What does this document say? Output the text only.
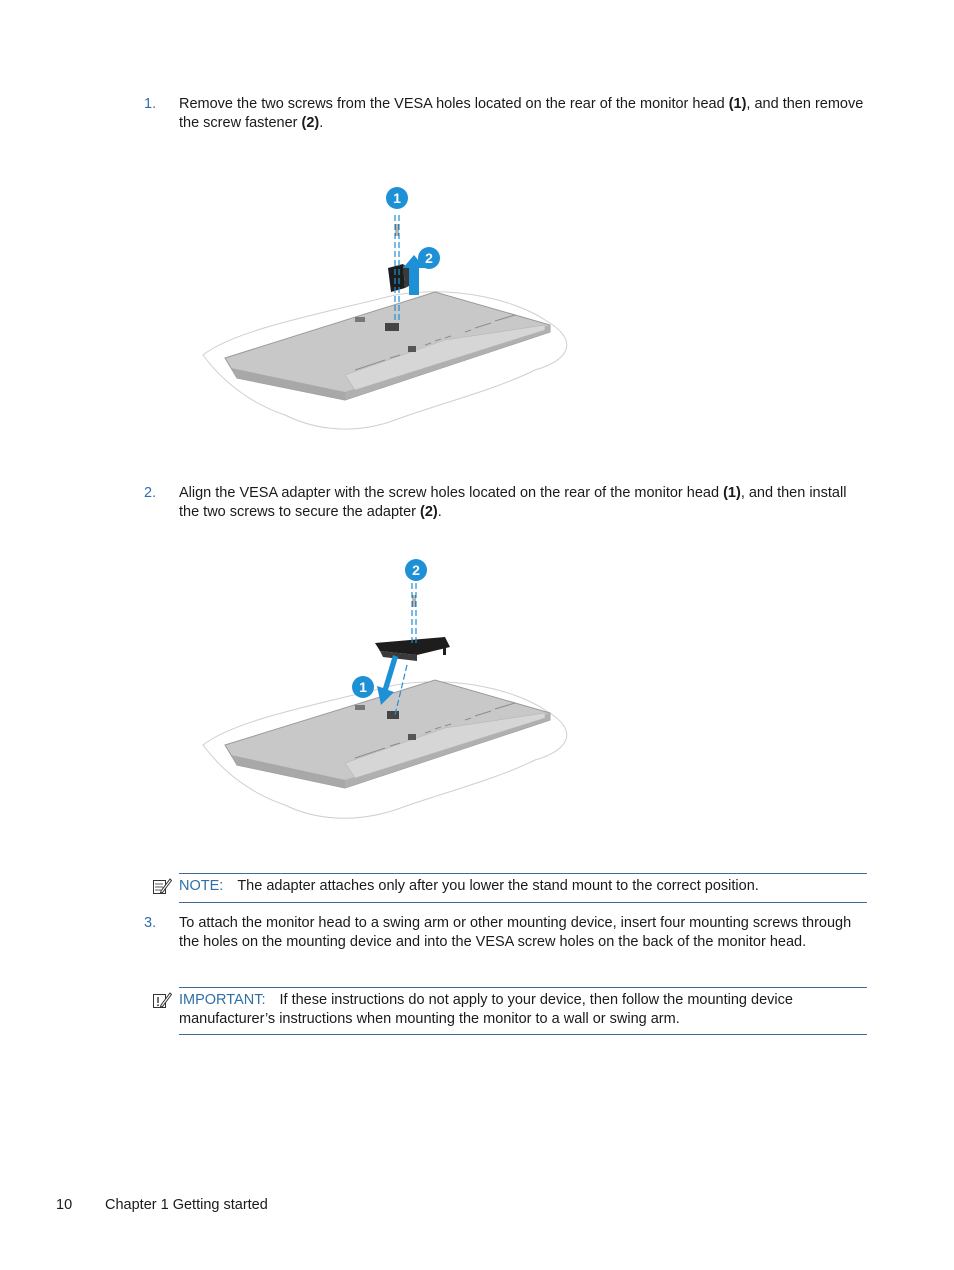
1. Remove the two screws from the VESA holes located on the rear of the monitor head (1), and then remove the screw fastener (2).
1
2
2. Align the VESA adapter with the screw holes located on the rear of the monitor head (1), and then install the two screws to secure the adapter (2).
2
1
NOTE: The adapter attaches only after you lower the stand mount to the correct position.
3. To attach the monitor head to a swing arm or other mounting device, insert four mounting screws through the holes on the mounting device and into the VESA screw holes on the back of the monitor head.
IMPORTANT: If these instructions do not apply to your device, then follow the mounting device manufacturer’s instructions when mounting the monitor to a wall or swing arm.
10 Chapter 1 Getting started
